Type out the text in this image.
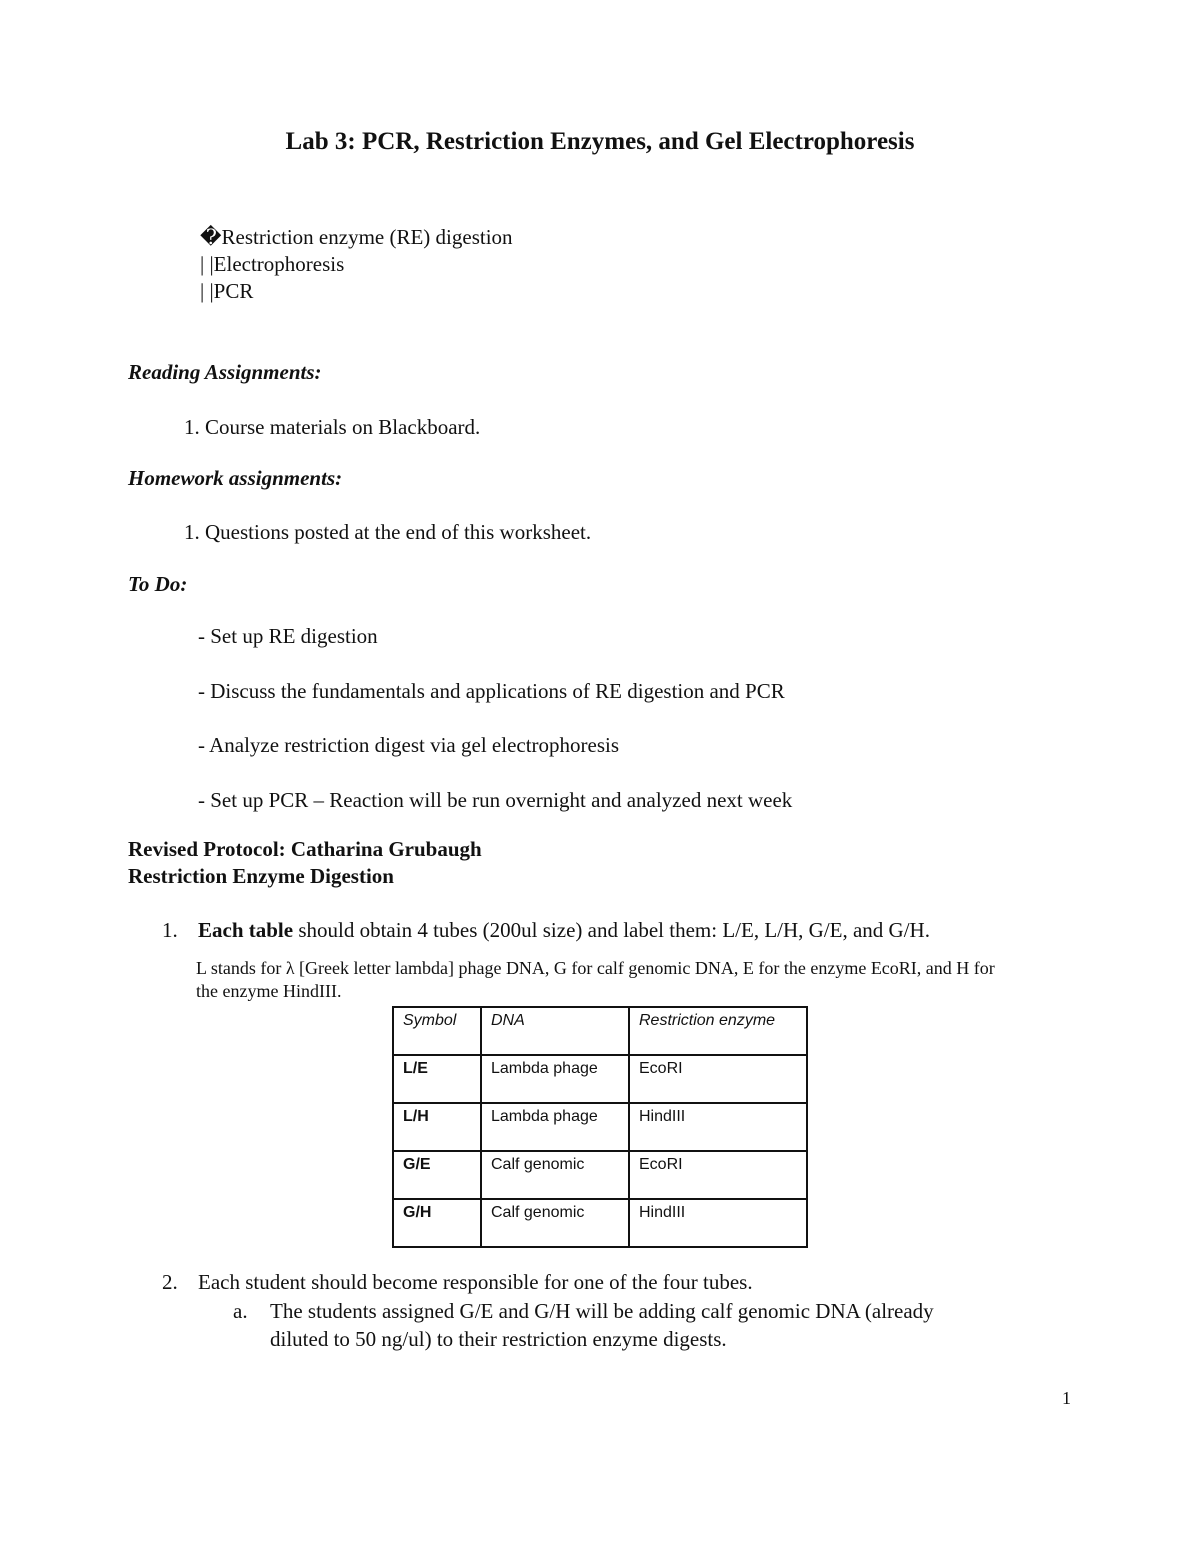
Lab 3: PCR, Restriction Enzymes, and Gel Electrophoresis
�Restriction enzyme (RE) digestion
| |Electrophoresis
| |PCR
Reading Assignments:
1. Course materials on Blackboard.
Homework assignments:
1. Questions posted at the end of this worksheet.
To Do:
- Set up RE digestion
- Discuss the fundamentals and applications of RE digestion and PCR
- Analyze restriction digest via gel electrophoresis
- Set up PCR – Reaction will be run overnight and analyzed next week
Revised Protocol: Catharina Grubaugh
Restriction Enzyme Digestion
1. Each table should obtain 4 tubes (200ul size) and label them: L/E, L/H, G/E, and G/H.
L stands for λ [Greek letter lambda] phage DNA, G for calf genomic DNA, E for the enzyme EcoRI, and H for
the enzyme HindIII.
Symbol	DNA	Restriction enzyme
L/E	Lambda phage	EcoRI
L/H	Lambda phage	HindIII
G/E	Calf genomic	EcoRI
G/H	Calf genomic	HindIII
2. Each student should become responsible for one of the four tubes.
a. The students assigned G/E and G/H will be adding calf genomic DNA (already
diluted to 50 ng/ul) to their restriction enzyme digests.
1
